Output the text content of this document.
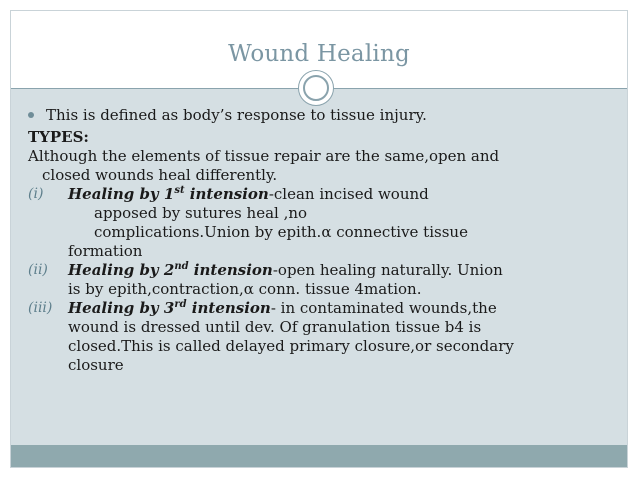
Wound Healing
This is defined as body’s response to tissue injury.
TYPES:
Although the elements of tissue repair are the same,open and
closed wounds heal differently.
(i)	Healing by 1st intension-clean incised wound
apposed by sutures heal ,no
complications.Union by epith.α connective tissue
formation
(ii)	Healing by 2nd intension-open healing naturally. Union
is by epith,contraction,α conn. tissue 4mation.
(iii)	Healing by 3rd intension- in contaminated wounds,the
wound is dressed until dev. Of granulation tissue b4 is
closed.This is called delayed primary closure,or secondary
closure
